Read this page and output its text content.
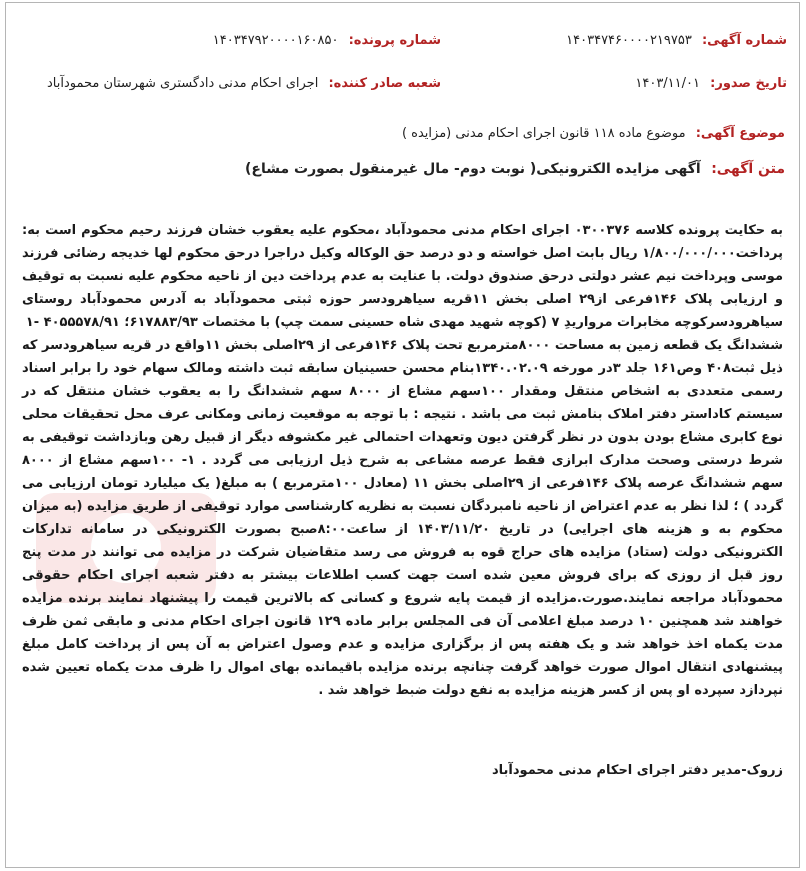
شماره آگهی: ۱۴۰۳۴۷۴۶۰۰۰۰۲۱۹۷۵۳
شماره پرونده: ۱۴۰۳۴۷۹۲۰۰۰۰۱۶۰۸۵۰
تاریخ صدور: ۱۴۰۳/۱۱/۰۱
شعبه صادر کننده: اجرای احکام مدنی دادگستری شهرستان محمودآباد
موضوع آگهی: موضوع ماده ۱۱۸ قانون اجرای احکام مدنی (مزایده )
متن آگهی: آگهی مزایده الکترونیکی( نوبت دوم- مال غیرمنقول بصورت مشاع)

به حکایت پرونده کلاسه ۰۳۰۰۳۷۶ اجرای احکام مدنی محمودآباد ،محکوم علیه یعقوب خشان فرزند رحیم محکوم است به: پرداخت۱/۸۰۰/۰۰۰/۰۰۰ ریال بابت اصل خواسته و دو درصد حق الوکاله وکیل دراجرا درحق محکوم لها خدیجه رضائی فرزند موسی وپرداخت نیم عشر دولتی درحق صندوق دولت. با عنایت به عدم پرداخت دین از ناحیه محکوم علیه نسبت به توقیف و ارزیابی پلاک ۱۴۶فرعی از۲۹ اصلی بخش ۱۱قریه سیاهرودسر حوزه ثبتی محمودآباد به آدرس محمودآباد روستای سیاهرودسرکوچه مخابرات مرواریدِ ۷ (کوچه شهید مهدی شاه حسینی سمت چپ) با مختصات ۶۱۷۸۸۳/۹۳؛ ۴۰۵۵۵۷۸/۹۱ -۱

ششدانگ یک قطعه زمین به مساحت ۸۰۰۰مترمربع تحت پلاک ۱۴۶فرعی از ۲۹اصلی بخش ۱۱واقع در قریه سیاهرودسر که ذیل ثبت۴۰۸ وص۱۶۱ جلد ۳در مورخه ۱۳۴۰.۰۲.۰۹بنام محسن حسینیان سابقه ثبت داشته ومالک سهام خود را برابر اسناد رسمی متعددی به اشخاص منتقل ومقدار ۱۰۰سهم مشاع از ۸۰۰۰ سهم ششدانگ را به یعقوب خشان منتقل که در سیستم کاداستر دفتر املاک بنامش ثبت می باشد . نتیجه : با توجه به موقعیت زمانی ومکانی عرف محل تحقیقات محلی نوع کابری مشاع بودن بدون در نظر گرفتن دیون وتعهدات احتمالی غیر مکشوفه دیگر از قبیل رهن وبازداشت توقیفی به شرط درستی وصحت مدارک ابرازی فقط عرصه مشاعی به شرح ذیل ارزیابی می گردد . ۱- ۱۰۰سهم مشاع از ۸۰۰۰ سهم ششدانگ عرصه پلاک ۱۴۶فرعی از ۲۹اصلی بخش ۱۱ (معادل ۱۰۰مترمربع ) به مبلغ( یک میلیارد تومان ارزیابی می گردد ) ؛ لذا نظر به عدم اعتراض از ناحیه نامبردگان نسبت به نظریه کارشناسی موارد توقیفی از طریق مزایده (به میزان محکوم به و هزینه های اجرایی) در تاریخ ۱۴۰۳/۱۱/۲۰ از ساعت۸:۰۰صبح بصورت الکترونیکی در سامانه تدارکات الکترونیکی دولت (ستاد) مزایده های حراج قوه به فروش می رسد متقاضیان شرکت در مزایده می توانند در مدت پنج روز قبل از روزی که برای فروش معین شده است جهت کسب اطلاعات بیشتر به دفتر شعبه اجرای احکام حقوقی محمودآباد مراجعه نمایند.صورت.مزایده از قیمت پایه شروع و کسانی که بالاترین قیمت را پیشنهاد نمایند برنده مزایده خواهند شد همچنین ۱۰ درصد مبلغ اعلامی آن فی المجلس برابر ماده ۱۲۹ قانون اجرای احکام مدنی و مابقی ثمن ظرف مدت یکماه اخذ خواهد شد و یک هفته پس از برگزاری مزایده و عدم وصول اعتراض به آن پس از پرداخت کامل مبلغ پیشنهادی انتقال اموال صورت خواهد گرفت چنانچه برنده مزایده باقیمانده بهای اموال را ظرف مدت یکماه تعیین شده نپردازد سپرده او پس از کسر هزینه مزایده به نفع دولت ضبط خواهد شد .

زروک-مدیر دفتر اجرای احکام مدنی محمودآباد
